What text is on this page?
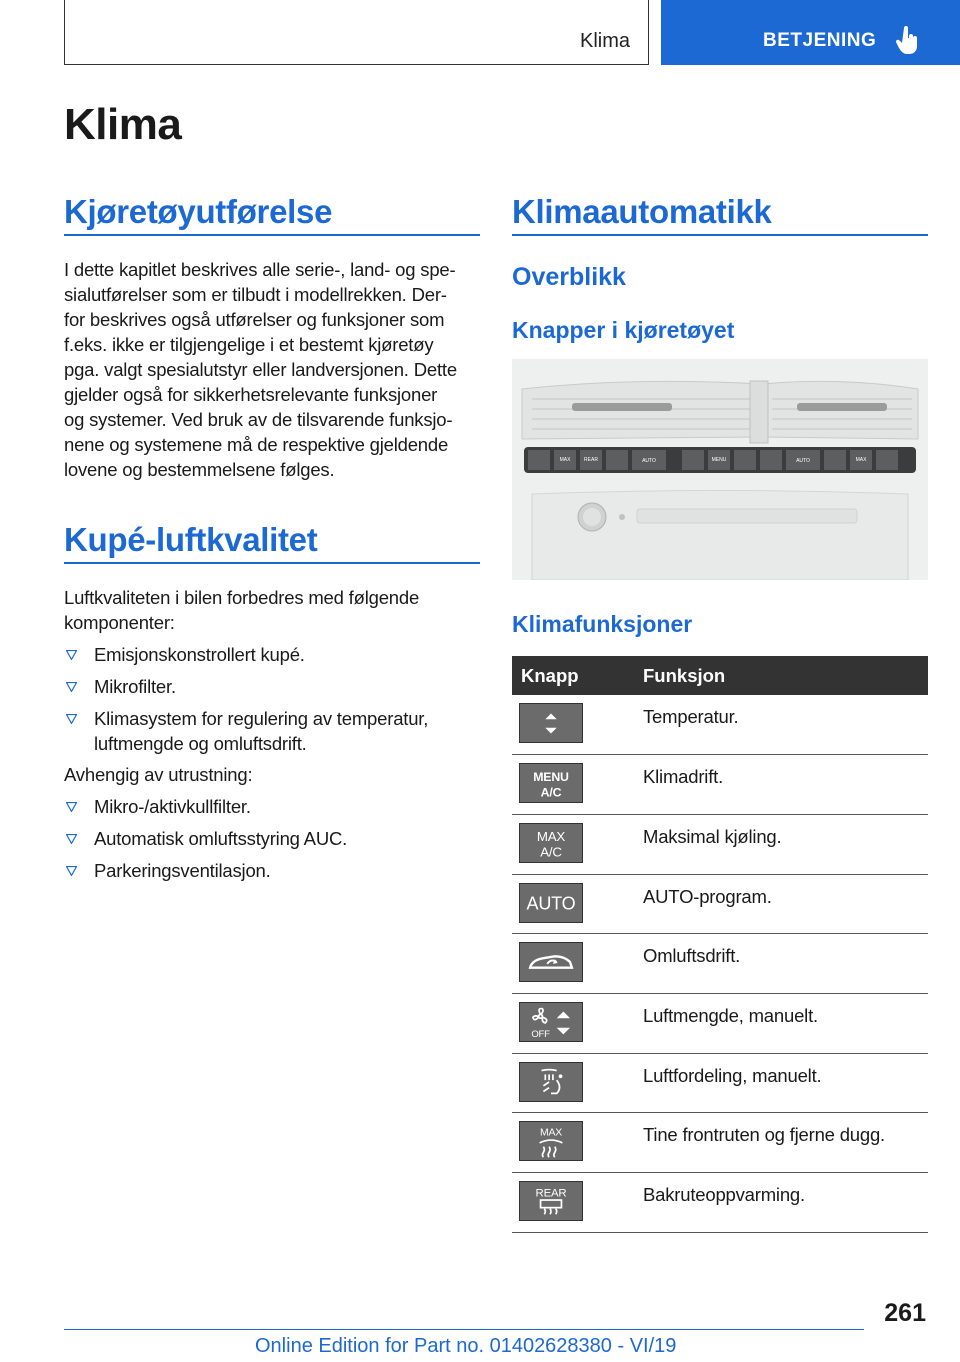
Klima	BETJENING
Klima
Kjøretøyutførelse
I dette kapitlet beskrives alle serie-, land- og spe-
sialutførelser som er tilbudt i modellrekken. Der-
for beskrives også utførelser og funksjoner som
f.eks. ikke er tilgjengelige i et bestemt kjøretøy
pga. valgt spesialutstyr eller landversjonen. Dette
gjelder også for sikkerhetsrelevante funksjoner
og systemer. Ved bruk av de tilsvarende funksjo-
nene og systemene må de respektive gjeldende
lovene og bestemmelsene følges.
Kupé-luftkvalitet
Luftkvaliteten i bilen forbedres med følgende
komponenter:
Emisjonskonstrollert kupé.
Mikrofilter.
Klimasystem for regulering av temperatur,
luftmengde og omluftsdrift.
Avhengig av utrustning:
Mikro-/aktivkullfilter.
Automatisk omluftsstyring AUC.
Parkeringsventilasjon.
Klimaautomatikk
Overblikk
Knapper i kjøretøyet
MAX	REAR	AUTO	MENU	AUTO	MAX
Klimafunksjoner
Knapp	Funksjon

	Temperatur.

MENU A/C	Klimadrift.

MAX A/C	Maksimal kjøling.

AUTO	AUTO-program.

	Omluftsdrift.

OFF	Luftmengde, manuelt.

	Luftfordeling, manuelt.

MAX	Tine frontruten og fjerne dugg.

REAR	Bakruteoppvarming.
261
Online Edition for Part no. 01402628380 - VI/19
